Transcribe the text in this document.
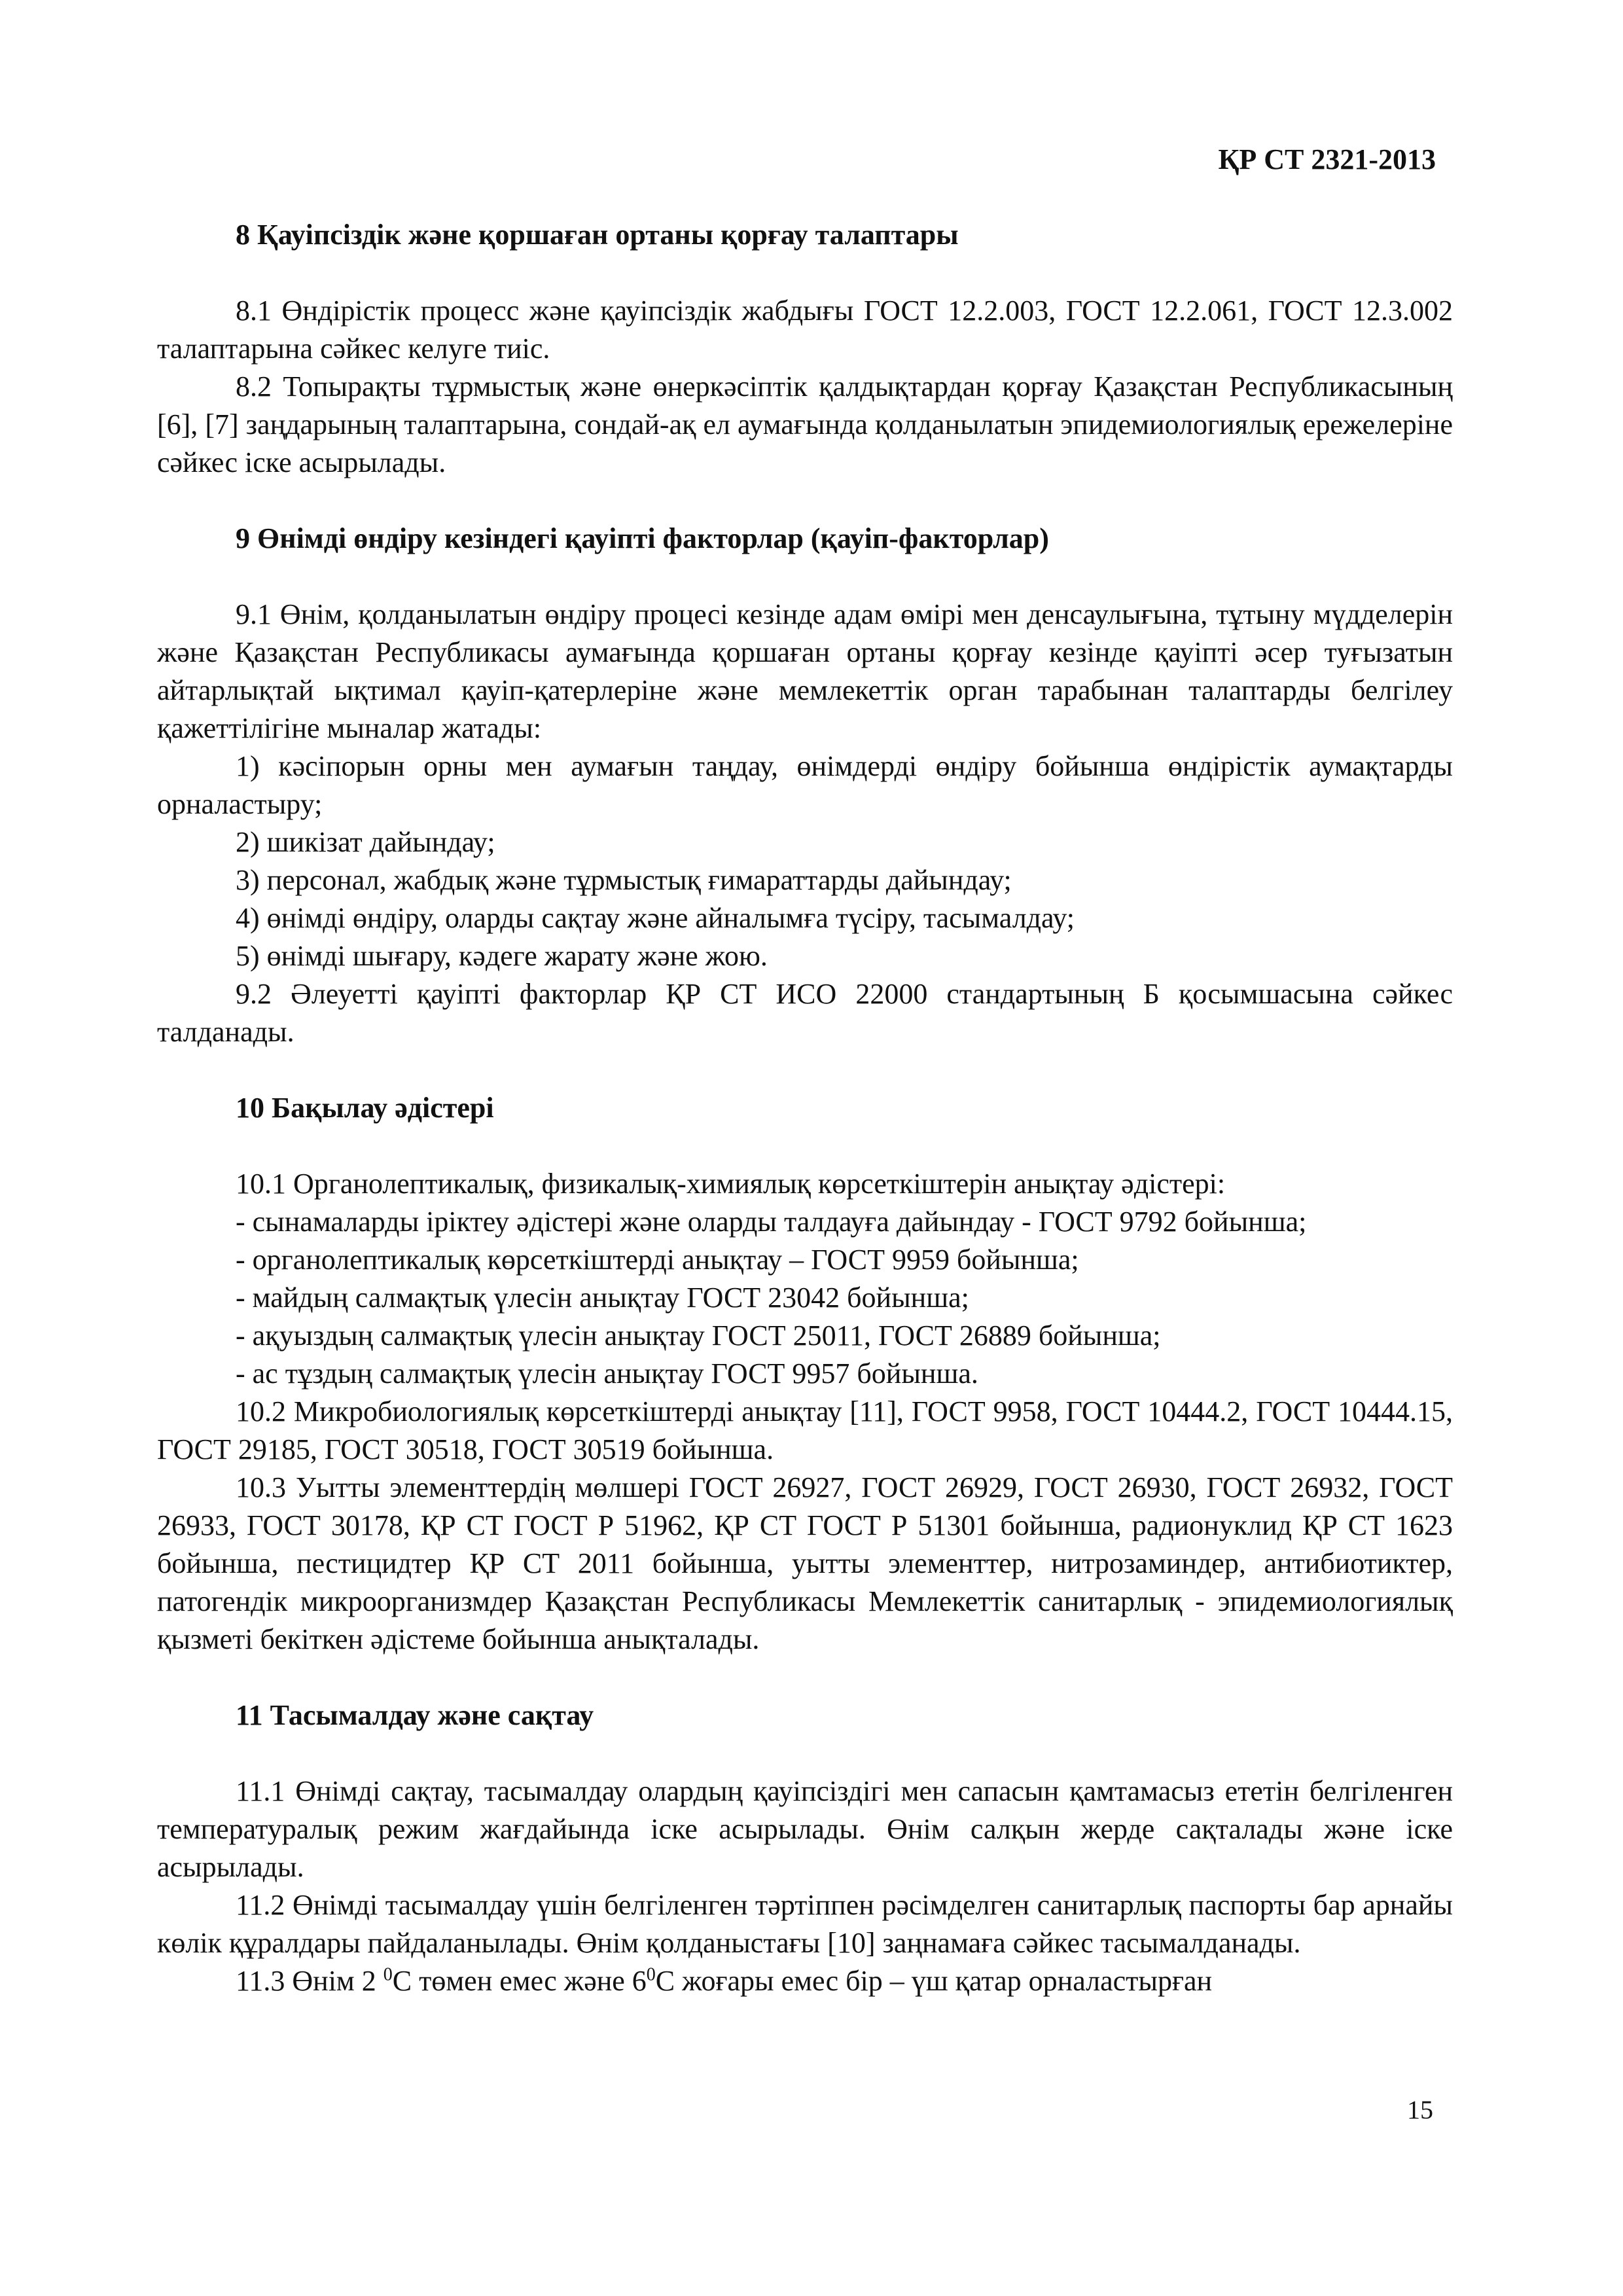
ҚР СТ 2321-2013
8 Қауіпсіздік және қоршаған ортаны қорғау талаптары

8.1 Өндірістік процесс және қауіпсіздік жабдығы ГОСТ 12.2.003, ГОСТ 12.2.061, ГОСТ 12.3.002 талаптарына сәйкес келуге тиіс.

8.2 Топырақты тұрмыстық және өнеркәсіптік қалдықтардан қорғау Қазақстан Республикасының [6], [7] заңдарының талаптарына, сондай-ақ ел аумағында қолданылатын эпидемиологиялық ережелеріне сәйкес іске асырылады.

9 Өнімді өндіру кезіндегі қауіпті факторлар (қауіп-факторлар)

9.1 Өнім, қолданылатын өндіру процесі кезінде адам өмірі мен денсаулығына, тұтыну мүдделерін және Қазақстан Республикасы аумағында қоршаған ортаны қорғау кезінде қауіпті әсер туғызатын айтарлықтай ықтимал қауіп-қатерлеріне және мемлекеттік орган тарабынан талаптарды белгілеу қажеттілігіне мыналар жатады:

1) кәсіпорын орны мен аумағын таңдау, өнімдерді өндіру бойынша өндірістік аумақтарды орналастыру;

2) шикізат дайындау;

3) персонал, жабдық және тұрмыстық ғимараттарды дайындау;

4) өнімді өндіру, оларды сақтау және айналымға түсіру, тасымалдау;

5) өнімді шығару, кәдеге жарату және жою.

9.2 Әлеуетті қауіпті факторлар ҚР СТ ИСО 22000 стандартының Б қосымшасына сәйкес талданады.

10 Бақылау әдістері

10.1 Органолептикалық, физикалық-химиялық көрсеткіштерін анықтау әдістері:

- сынамаларды іріктеу әдістері және оларды талдауға дайындау - ГОСТ 9792 бойынша;

- органолептикалық көрсеткіштерді анықтау – ГОСТ 9959 бойынша;

- майдың салмақтық үлесін анықтау ГОСТ 23042 бойынша;

- ақуыздың салмақтық үлесін анықтау ГОСТ 25011, ГОСТ 26889 бойынша;

- ас тұздың салмақтық үлесін анықтау ГОСТ 9957 бойынша.

10.2 Микробиологиялық көрсеткіштерді анықтау [11], ГОСТ 9958, ГОСТ 10444.2, ГОСТ 10444.15, ГОСТ 29185, ГОСТ 30518, ГОСТ 30519 бойынша.

10.3 Уытты элементтердің мөлшері ГОСТ 26927, ГОСТ 26929, ГОСТ 26930, ГОСТ 26932, ГОСТ 26933, ГОСТ 30178, ҚР СТ ГОСТ Р 51962, ҚР СТ ГОСТ Р 51301 бойынша, радионуклид ҚР СТ 1623 бойынша, пестицидтер ҚР СТ 2011 бойынша, уытты элементтер, нитрозаминдер, антибиотиктер, патогендік микроорганизмдер Қазақстан Республикасы Мемлекеттік санитарлық - эпидемиологиялық қызметі бекіткен әдістеме бойынша анықталады.

11 Тасымалдау және сақтау

11.1 Өнімді сақтау, тасымалдау олардың қауіпсіздігі мен сапасын қамтамасыз ететін белгіленген температуралық режим жағдайында іске асырылады. Өнім салқын жерде сақталады және іске асырылады.

11.2 Өнімді тасымалдау үшін белгіленген тәртіппен рәсімделген санитарлық паспорты бар арнайы көлік құралдары пайдаланылады. Өнім қолданыстағы [10] заңнамаға сәйкес тасымалданады.

11.3 Өнім 2 $^0$С төмен емес және $6^0С$ жоғары емес бір – үш қатар орналастырған

15
